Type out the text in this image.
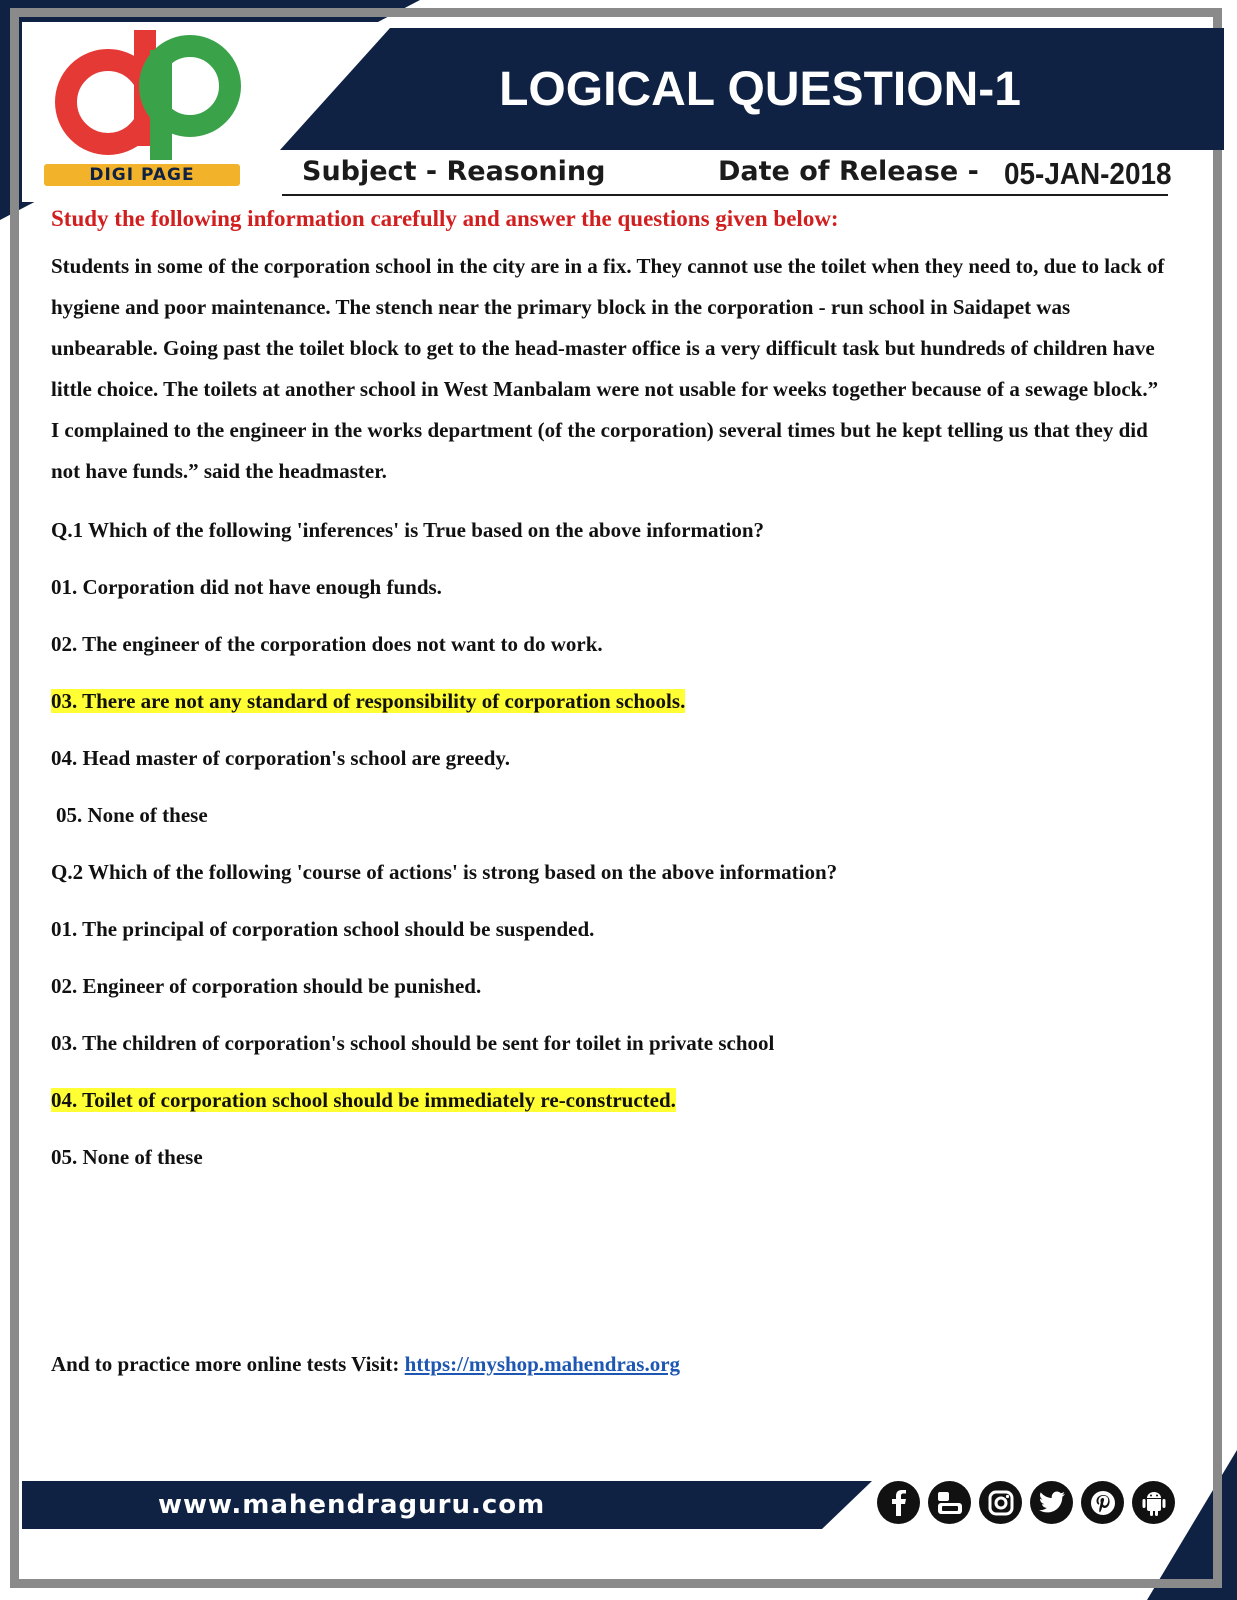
LOGICAL QUESTION-1
DIGI PAGE	Subject - Reasoning	Date of Release - 05-JAN-2018
Study the following information carefully and answer the questions given below:
Students in some of the corporation school in the city are in a fix. They cannot use the toilet when they need to, due to lack of hygiene and poor maintenance. The stench near the primary block in the corporation - run school in Saidapet was unbearable. Going past the toilet block to get to the head-master office is a very difficult task but hundreds of children have little choice. The toilets at another school in West Manbalam were not usable for weeks together because of a sewage block.” I complained to the engineer in the works department (of the corporation) several times but he kept telling us that they did not have funds.” said the headmaster.
Q.1 Which of the following 'inferences' is True based on the above information?
01. Corporation did not have enough funds.
02. The engineer of the corporation does not want to do work.
03. There are not any standard of responsibility of corporation schools.
04. Head master of corporation's school are greedy.
05. None of these
Q.2 Which of the following 'course of actions' is strong based on the above information?
01. The principal of corporation school should be suspended.
02. Engineer of corporation should be punished.
03. The children of corporation's school should be sent for toilet in private school
04. Toilet of corporation school should be immediately re-constructed.
05. None of these
And to practice more online tests Visit: https://myshop.mahendras.org
www.mahendraguru.com
